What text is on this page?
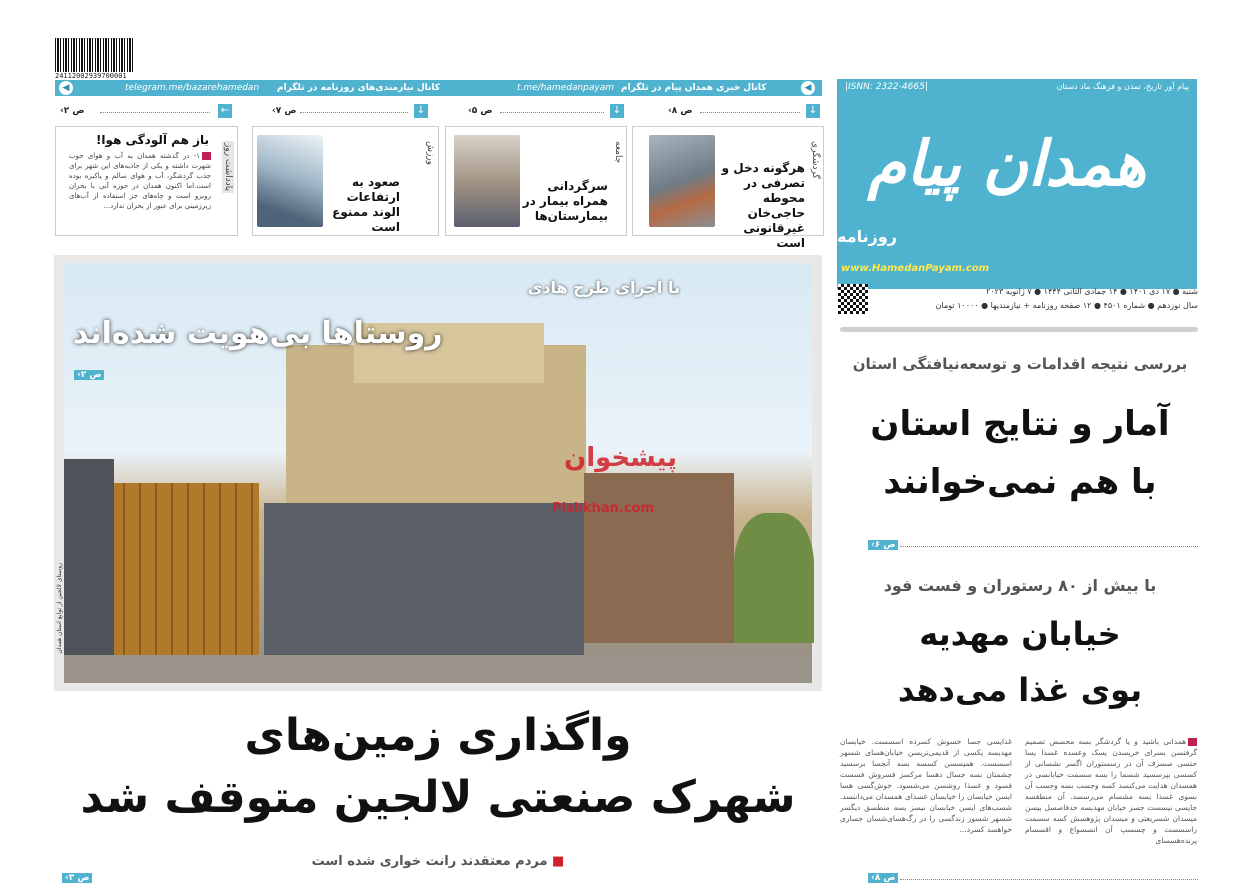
24112002939700001
◀	telegram.me/bazarehamedan کانال نیازمندی‌های روزنامه در تلگرام	t.me/hamedanpayam کانال خبری همدان پیام در تلگرام	◀	پیام‌ آور تاریخ، تمدن و فرهنگ ماد دستان
|ISNN: 2322-4665|
همدان پیام
روزنامه
www.HamedanPayam.com
شنبه ● ۱۷ دی ۱۴۰۱ ● ۱۴ جمادی الثانی ۱۴۴۴ ● ۷ ژانویه ۲۰۲۳
سال نوزدهم ● شماره ۴۵۰۱ ● ۱۲ صفحه روزنامه + نیازمندیها ● ۱۰۰۰۰ تومان
گردشگری
هرگونه دخل و تصرفی در محوطه حاجی‌خان غیرقانونی است
↓
‹ص ۸
جامعه
سرگردانی همراه بیمار در بیمارستان‌ها
↓
‹ص ۵
ورزش
صعود به ارتفاعات الوند ممنوع است
↓
‹ص ۷
یادداشت روز
باز هم آلودگی هوا!
۱- در گذشته همدان به آب و هوای خوب شهرت داشته و یکی از جاذبه‌های این شهر برای جذب گردشگر، آب و هوای سالم و پاکیزه بوده است.اما اکنون همدان در حوزه آبی با بحران روبرو است و چاه‌های جز استفاده از آب‌های زیرزمینی برای عبور از بحران ندارد...
←
‹ص ۲
پیشخوان
Pishkhan.com
روستای لالجین از توابع استان همدان
با اجرای طرح هادی
روستاها بی‌هویت شده‌اند
‹ص ۲
واگذاری زمین‌های
شهرک صنعتی لالجین متوقف شد
■ مردم معتقدند رانت خواری شده است
‹ص ۳
بررسی نتیجه اقدامات و توسعه‌نیافتگی استان
آمار و نتایج استان
با هم نمی‌خوانند
‹ص ۶
با بیش از ۸۰ رستوران و فست فود
خیابان مهدیه
بوی غذا می‌دهد
همدانی باشید و یا گردشگر بسه محسض تصمیم گرفتسن بسرای خریسدن یسک وعسده غسذا یسا حتسی صسرف آن در رسستوران اگسر نشسانی از کسسی بپرسسید شسما را بسه سسمت خیابانسی در همسدان هدایت می‌کنسد کسه وجسب بسه وجسب آن بسوی غسذا بسه مشسام می‌رسسد. آن منطقسه جایسی نیسست جسز خیابان مهدیسه حدفاصسل بیسن میسدان شسریعتی و میسدان پژوهسش کسه سسمت راسسست و چسسپ آن انسسواع و اقسسام پرنده‌هسسای
غذایسی جسا خسوش کسرده اسسست. خیابسان مهدیسه یکسی از قدیمی‌تریسن خیابان‌هسای شسهر اسسست. همیسسن کسسه بسه آنجسا برسسید چشمتان بسه جسال دهسا مرکسز فسروش فسست فسود و غسذا روشسن می‌شسود. خوش‌گسی هسا ایسن خیابسان را خیابسان غسذای همسدان می‌داننسد. شسب‌های ایسن خیابسان نیسز بسه منطسق دیگسر شسهر شسور زندگسی را در رگ‌هسای‌شسان جساری خواهسد کسرد...
‹ص ۸
